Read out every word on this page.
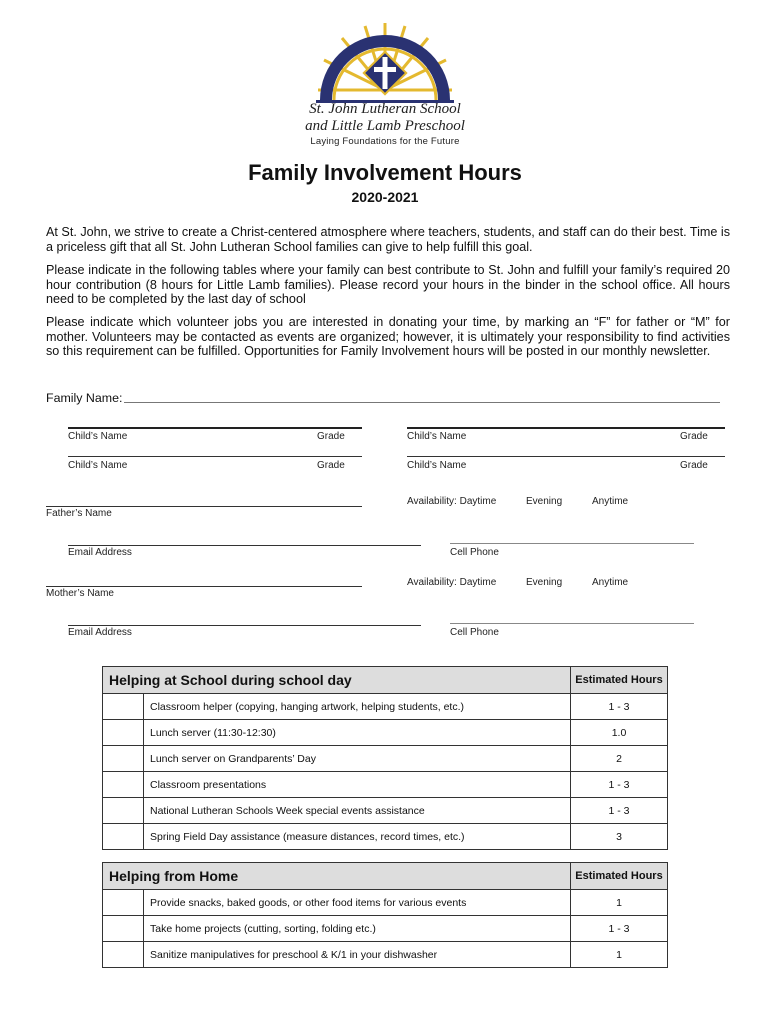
St. John Lutheran School
and Little Lamb Preschool
Laying Foundations for the Future
Family Involvement Hours
2020-2021
At St. John, we strive to create a Christ-centered atmosphere where teachers, students, and staff can do their best. Time is a priceless gift that all St. John Lutheran School families can give to help fulfill this goal.
Please indicate in the following tables where your family can best contribute to St. John and fulfill your family’s required 20 hour contribution (8 hours for Little Lamb families). Please record your hours in the binder in the school office. All hours need to be completed by the last day of school
Please indicate which volunteer jobs you are interested in donating your time, by marking an “F” for father or “M” for mother. Volunteers may be contacted as events are organized; however, it is ultimately your responsibility to find activities so this requirement can be fulfilled. Opportunities for Family Involvement hours will be posted in our monthly newsletter.
Family Name:
Child’s Name	Grade	Child’s Name	Grade
Child’s Name	Grade	Child’s Name	Grade
Father’s Name
Availability: Daytime	Evening	Anytime
Email Address	Cell Phone
Mother’s Name
Availability: Daytime	Evening	Anytime
Email Address	Cell Phone
Helping at School during school day		Estimated Hours
	Classroom helper (copying, hanging artwork, helping students, etc.)	1 - 3
	Lunch server (11:30-12:30)	1.0
	Lunch server on Grandparents’ Day	2
	Classroom presentations	1 - 3
	National Lutheran Schools Week special events assistance	1 - 3
	Spring Field Day assistance (measure distances, record times, etc.)	3
Helping from Home		Estimated Hours
	Provide snacks, baked goods, or other food items for various events	1
	Take home projects (cutting, sorting, folding etc.)	1 - 3
	Sanitize manipulatives for preschool & K/1 in your dishwasher	1
